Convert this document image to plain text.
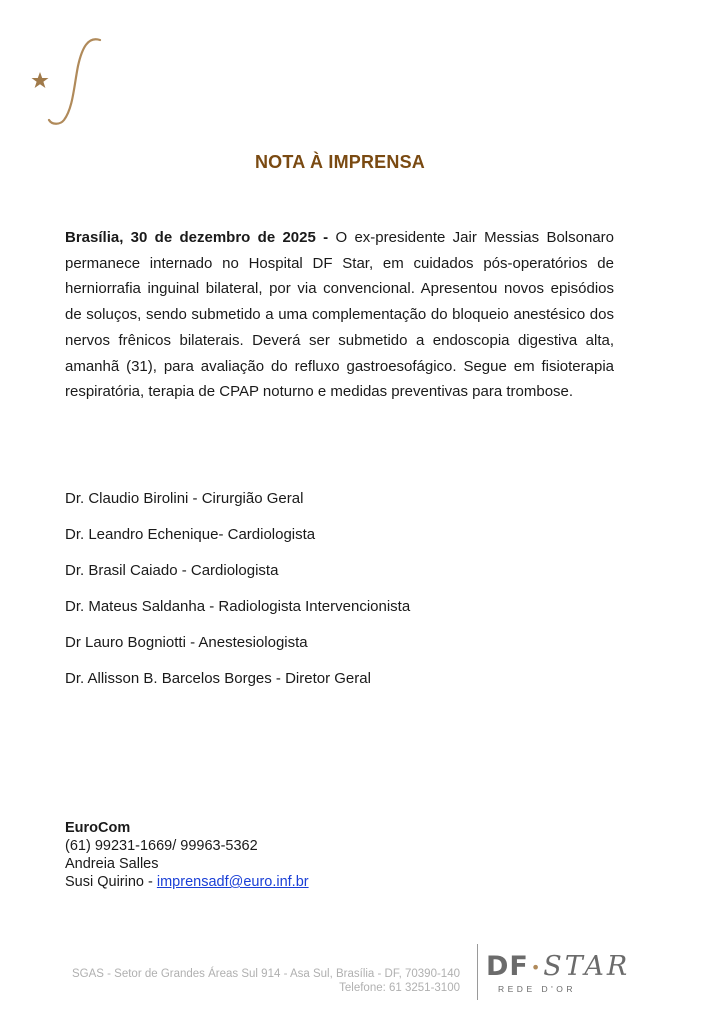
NOTA À IMPRENSA
Brasília, 30 de dezembro de 2025 - O ex-presidente Jair Messias Bolsonaro permanece internado no Hospital DF Star, em cuidados pós-operatórios de herniorrafia inguinal bilateral, por via convencional. Apresentou novos episódios de soluços, sendo submetido a uma complementação do bloqueio anestésico dos nervos frênicos bilaterais. Deverá ser submetido a endoscopia digestiva alta, amanhã (31), para avaliação do refluxo gastroesofágico. Segue em fisioterapia respiratória, terapia de CPAP noturno e medidas preventivas para trombose.
Dr. Claudio Birolini - Cirurgião Geral
Dr. Leandro Echenique- Cardiologista
Dr. Brasil Caiado - Cardiologista
Dr. Mateus Saldanha - Radiologista Intervencionista
Dr Lauro Bogniotti - Anestesiologista
Dr. Allisson B. Barcelos Borges - Diretor Geral
EuroCom
(61) 99231-1669/ 99963-5362
Andreia Salles
Susi Quirino - imprensadf@euro.inf.br
SGAS - Setor de Grandes Áreas Sul 914 - Asa Sul, Brasília - DF, 70390-140
Telefone: 61 3251-3100
DF •STAR
REDE D'OR
